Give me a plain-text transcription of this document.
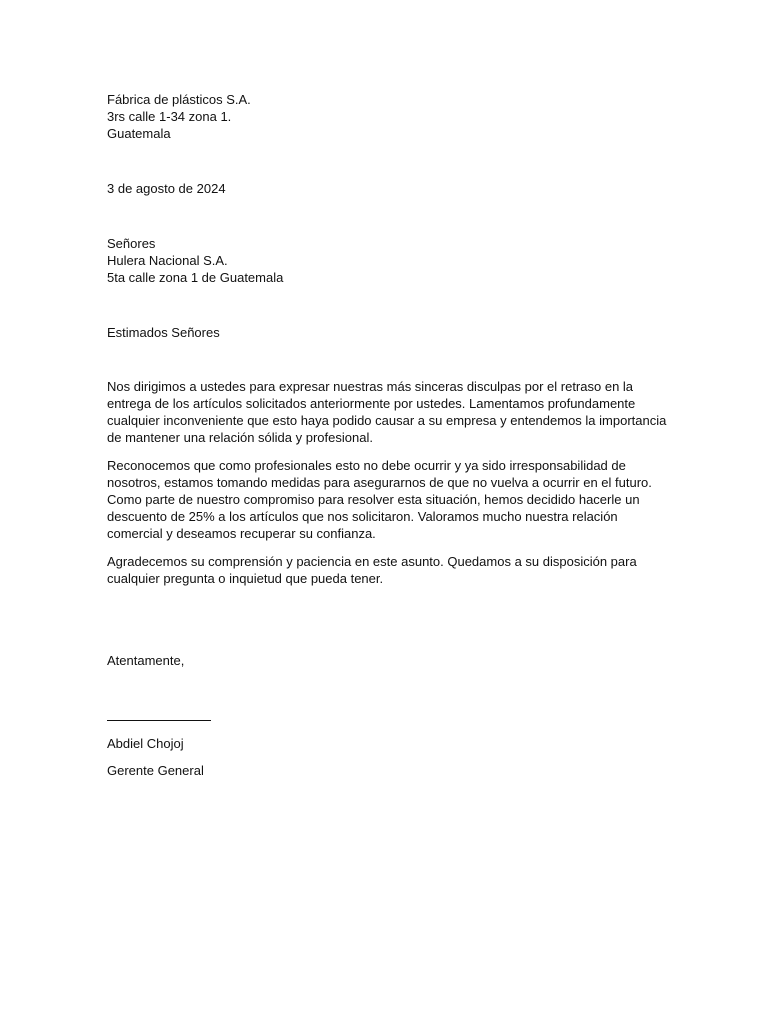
Fábrica de plásticos S.A.
3rs calle 1-34 zona 1.
Guatemala
3 de agosto de 2024
Señores
Hulera Nacional S.A.
5ta calle zona 1 de Guatemala
Estimados Señores
Nos dirigimos a ustedes para expresar nuestras más sinceras disculpas por el retraso en la entrega de los artículos solicitados anteriormente por ustedes. Lamentamos profundamente cualquier inconveniente que esto haya podido causar a su empresa y entendemos la importancia de mantener una relación sólida y profesional.
Reconocemos que como profesionales esto no debe ocurrir y ya sido irresponsabilidad de nosotros, estamos tomando medidas para asegurarnos de que no vuelva a ocurrir en el futuro. Como parte de nuestro compromiso para resolver esta situación, hemos decidido hacerle un descuento de 25% a los artículos que nos solicitaron. Valoramos mucho nuestra relación comercial y deseamos recuperar su confianza.
Agradecemos su comprensión y paciencia en este asunto. Quedamos a su disposición para cualquier pregunta o inquietud que pueda tener.
Atentamente,
Abdiel Chojoj
Gerente General
